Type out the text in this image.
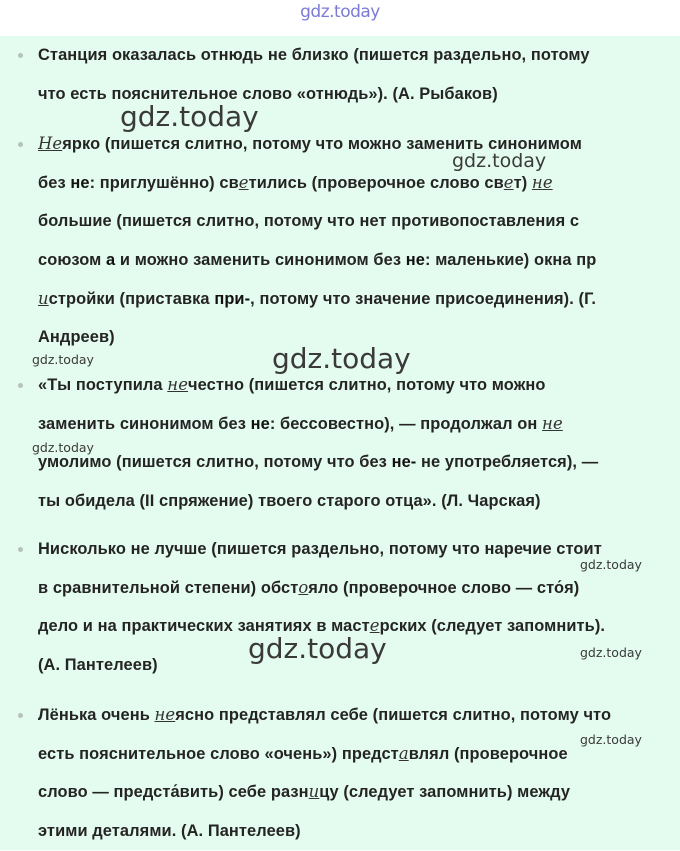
gdz.today
Станция оказалась отнюдь не близко (пишется раздельно, потому
что есть пояснительное слово «отнюдь»). (А. Рыбаков)
Неярко (пишется слитно, потому что можно заменить синонимом
без не: приглушённо) светились (проверочное слово свет) не
большие (пишется слитно, потому что нет противопоставления с
союзом а и можно заменить синонимом без не: маленькие) окна пр
истройки (приставка при-, потому что значение присоединения). (Г.
Андреев)
«Ты поступила нечестно (пишется слитно, потому что можно
заменить синонимом без не: бессовестно), — продолжал он не
умолимо (пишется слитно, потому что без не- не употребляется), —
ты обидела (II спряжение) твоего старого отца». (Л. Чарская)
Нисколько не лучше (пишется раздельно, потому что наречие стоит
в сравнительной степени) обстояло (проверочное слово — сто́я)
дело и на практических занятиях в мастерских (следует запомнить).
(А. Пантелеев)
Лёнька очень неясно представлял себе (пишется слитно, потому что
есть пояснительное слово «очень») представлял (проверочное
слово — предста́вить) себе разницу (следует запомнить) между
этими деталями. (А. Пантелеев)
gdz.today
gdz.today
gdz.today	gdz.today
gdz.today
gdz.today
gdz.today	gdz.today
gdz.today
